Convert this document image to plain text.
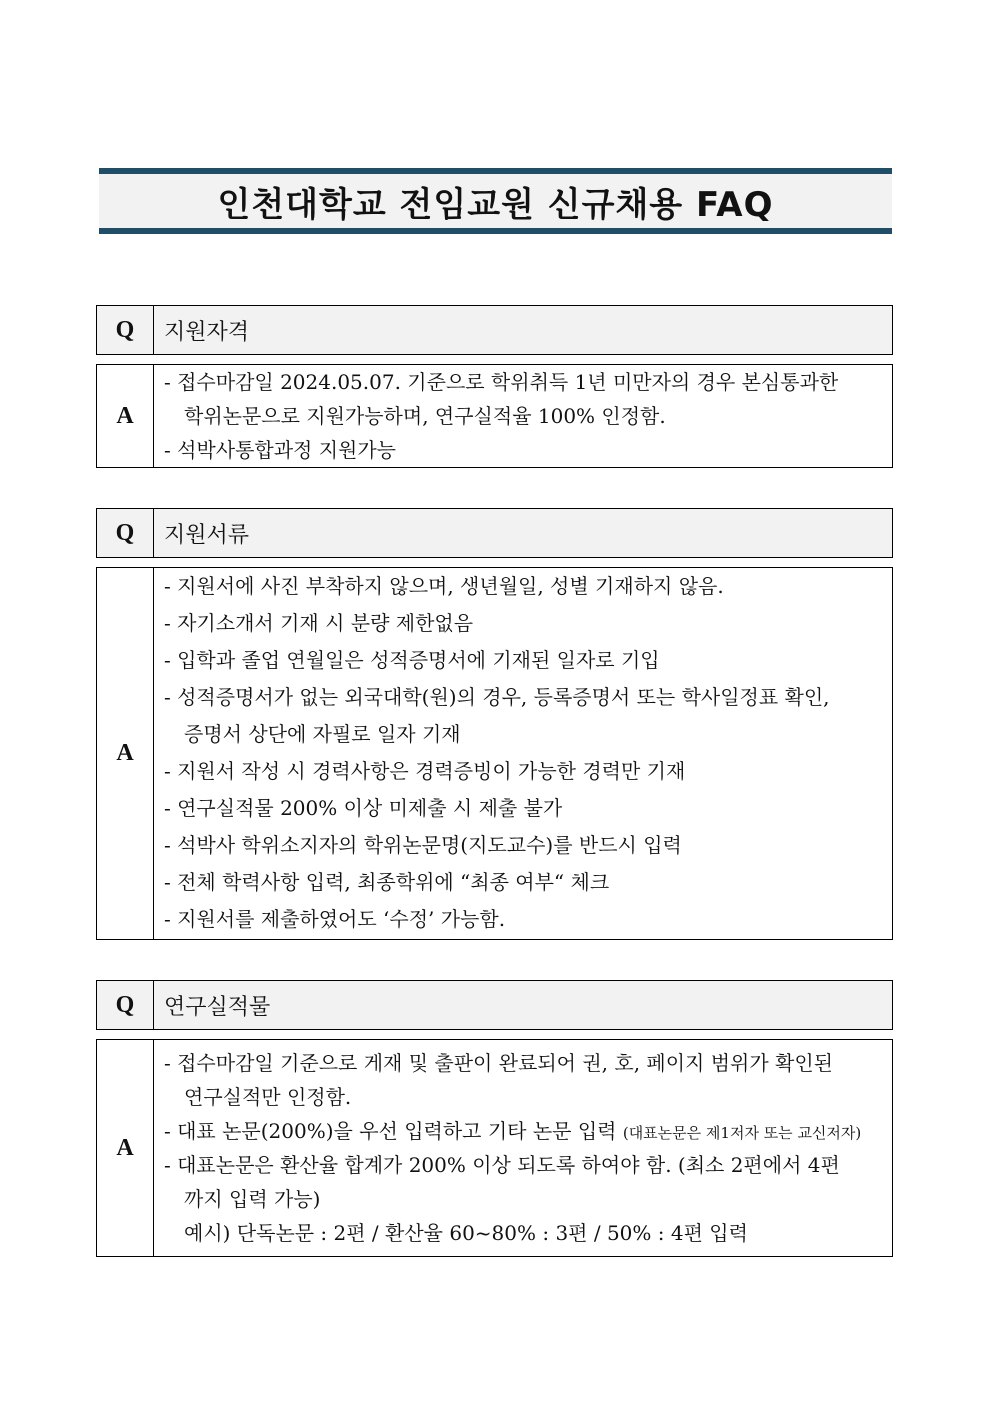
인천대학교 전임교원 신규채용 FAQ
Q	지원자격
A
- 접수마감일 2024.05.07. 기준으로 학위취득 1년 미만자의 경우 본심통과한
학위논문으로 지원가능하며, 연구실적율 100% 인정함.
- 석박사통합과정 지원가능
Q	지원서류
A
- 지원서에 사진 부착하지 않으며, 생년월일, 성별 기재하지 않음.
- 자기소개서 기재 시 분량 제한없음
- 입학과 졸업 연월일은 성적증명서에 기재된 일자로 기입
- 성적증명서가 없는 외국대학(원)의 경우, 등록증명서 또는 학사일정표 확인,
증명서 상단에 자필로 일자 기재
- 지원서 작성 시 경력사항은 경력증빙이 가능한 경력만 기재
- 연구실적물 200% 이상 미제출 시 제출 불가
- 석박사 학위소지자의 학위논문명(지도교수)를 반드시 입력
- 전체 학력사항 입력, 최종학위에 “최종 여부“ 체크
- 지원서를 제출하였어도 ‘수정’ 가능함.
Q	연구실적물
A
- 접수마감일 기준으로 게재 및 출판이 완료되어 권, 호, 페이지 범위가 확인된
연구실적만 인정함.
- 대표 논문(200%)을 우선 입력하고 기타 논문 입력 (대표논문은 제1저자 또는 교신저자)
- 대표논문은 환산율 합계가 200% 이상 되도록 하여야 함. (최소 2편에서 4편
까지 입력 가능)
예시) 단독논문 : 2편 / 환산율 60~80% : 3편 / 50% : 4편 입력
